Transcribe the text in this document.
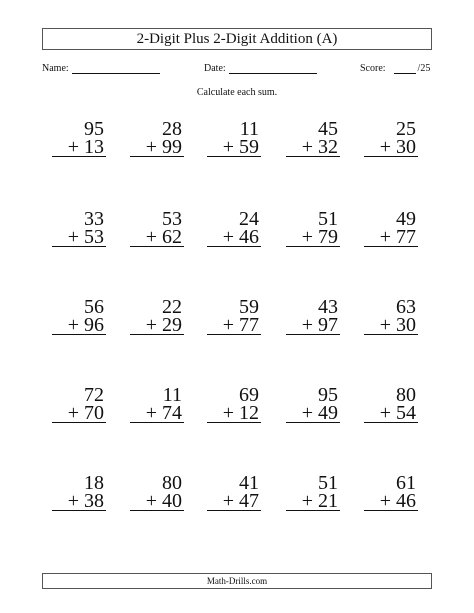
2-Digit Plus 2-Digit Addition (A)
Name:	Date:	Score:	/25
Calculate each sum.
95
+ 13
28
+ 99
11
+ 59
45
+ 32
25
+ 30
33
+ 53
53
+ 62
24
+ 46
51
+ 79
49
+ 77
56
+ 96
22
+ 29
59
+ 77
43
+ 97
63
+ 30
72
+ 70
11
+ 74
69
+ 12
95
+ 49
80
+ 54
18
+ 38
80
+ 40
41
+ 47
51
+ 21
61
+ 46
Math-Drills.com
